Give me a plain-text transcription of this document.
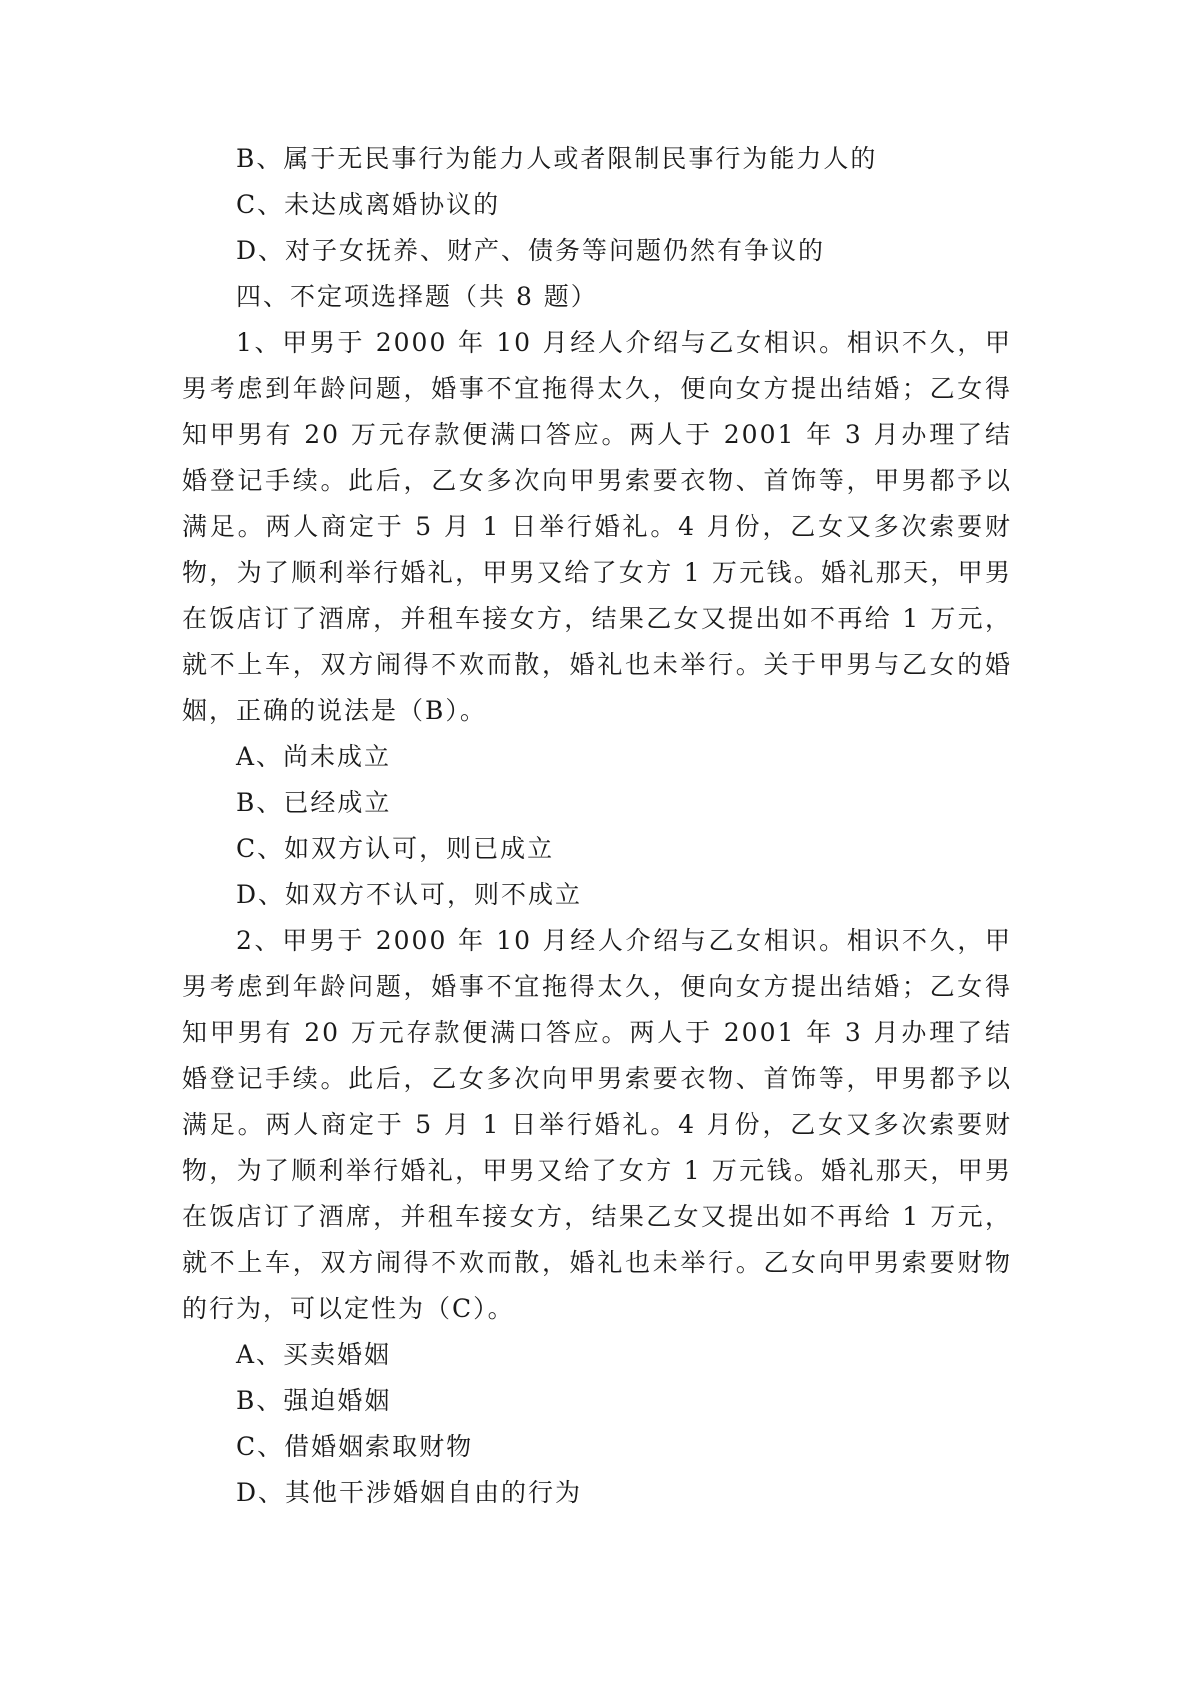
B、属于无民事行为能力人或者限制民事行为能力人的
C、未达成离婚协议的
D、对子女抚养、财产、债务等问题仍然有争议的
四、不定项选择题（共 8 题）
1、甲男于 2000 年 10 月经人介绍与乙女相识。相识不久，甲男考虑到年龄问题，婚事不宜拖得太久，便向女方提出结婚；乙女得知甲男有 20 万元存款便满口答应。两人于 2001 年 3 月办理了结婚登记手续。此后，乙女多次向甲男索要衣物、首饰等，甲男都予以满足。两人商定于 5 月 1 日举行婚礼。4 月份，乙女又多次索要财物，为了顺利举行婚礼，甲男又给了女方 1 万元钱。婚礼那天，甲男在饭店订了酒席，并租车接女方，结果乙女又提出如不再给 1 万元，就不上车，双方闹得不欢而散，婚礼也未举行。关于甲男与乙女的婚姻，正确的说法是（B）。
A、尚未成立
B、已经成立
C、如双方认可，则已成立
D、如双方不认可，则不成立
2、甲男于 2000 年 10 月经人介绍与乙女相识。相识不久，甲男考虑到年龄问题，婚事不宜拖得太久，便向女方提出结婚；乙女得知甲男有 20 万元存款便满口答应。两人于 2001 年 3 月办理了结婚登记手续。此后，乙女多次向甲男索要衣物、首饰等，甲男都予以满足。两人商定于 5 月 1 日举行婚礼。4 月份，乙女又多次索要财物，为了顺利举行婚礼，甲男又给了女方 1 万元钱。婚礼那天，甲男在饭店订了酒席，并租车接女方，结果乙女又提出如不再给 1 万元，就不上车，双方闹得不欢而散，婚礼也未举行。乙女向甲男索要财物的行为，可以定性为（C）。
A、买卖婚姻
B、强迫婚姻
C、借婚姻索取财物
D、其他干涉婚姻自由的行为
